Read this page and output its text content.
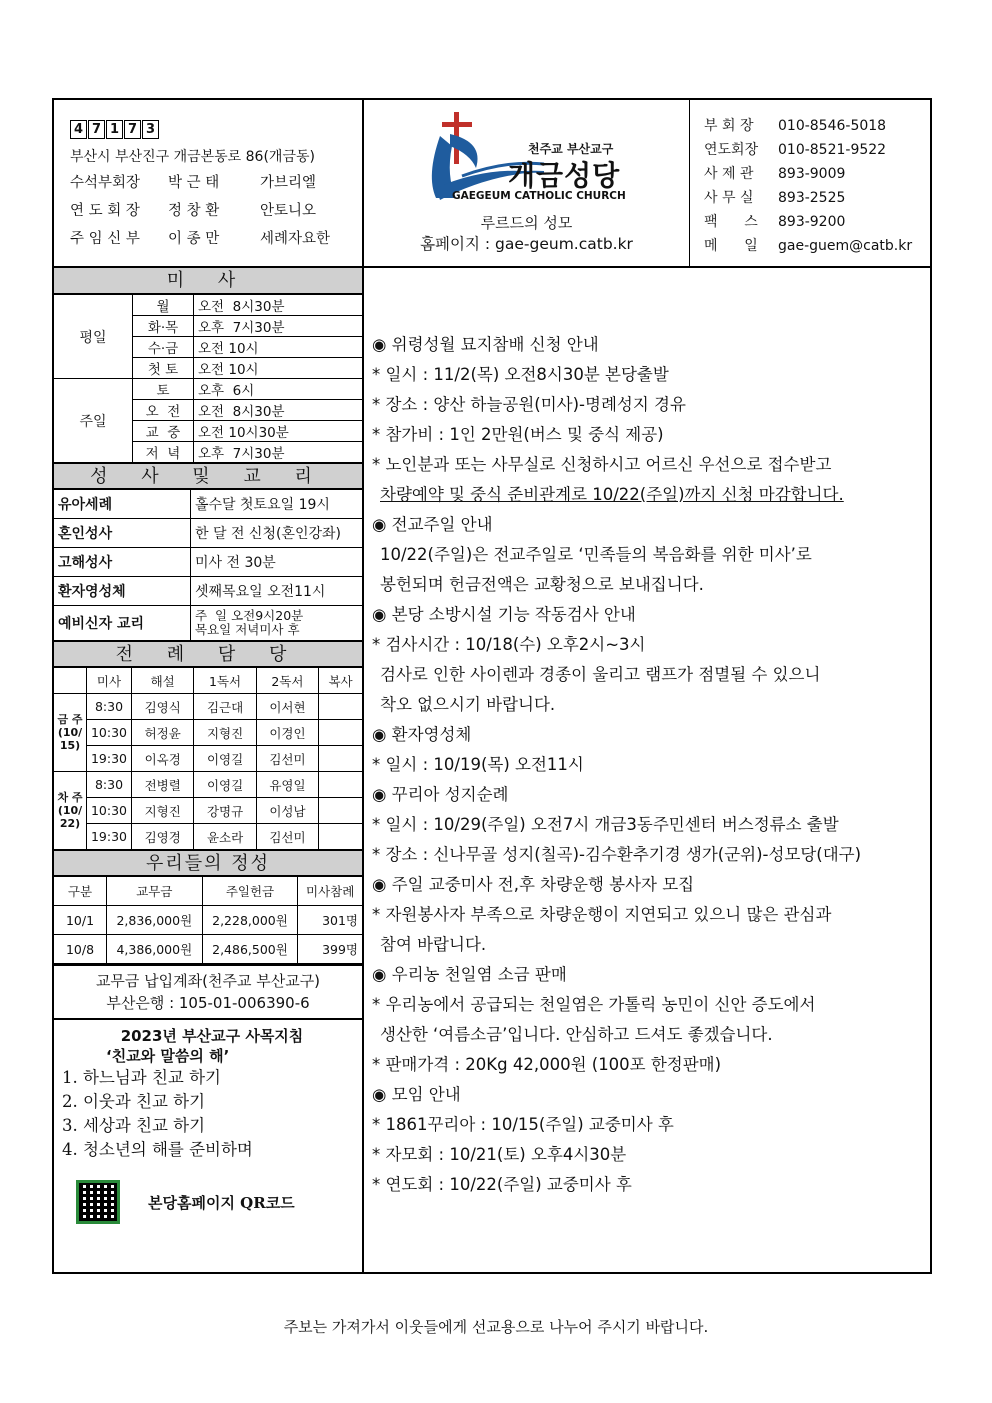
4 7 1 7 3
부산시 부산진구 개금본동로 86(개금동)
수석부회장 박 근 태	가브리엘
연 도 회 장 정 창 환	안토니오
주 임 신 부 이 종 만	세례자요한
천주교 부산교구
개금성당
GAEGEUM CATHOLIC CHURCH
루르드의 성모
홈페이지 : gae-geum.catb.kr
부 회 장 010-8546-5018
연도회장 010-8521-9522
사 제 관 893-9009
사 무 실 893-2525
팩      스 893-9200
메      일 gae-guem@catb.kr
미 사
평일	월	오전  8시30분
	화·목	오후  7시30분
	수·금	오전 10시
	첫 토	오전 10시
주일	토	오후  6시
	오  전	오전  8시30분
	교  중	오전 10시30분
	저  녁	오후  7시30분
성 사 및 교 리
유아세례	홀수달 첫토요일 19시
혼인성사	한 달 전 신청(혼인강좌)
고해성사	미사 전 30분
환자영성체	셋째목요일 오전11시
예비신자 교리	주  일 오전9시20분
목요일 저녁미사 후
전 례 담 당
	미사	해설	1독서	2독서	복사
금 주 (10/ 15)	8:30	김영식	김근대	이서현	
	10:30	허정윤	지형진	이경인	
	19:30	이옥경	이영길	김선미	
차 주 (10/ 22)	8:30	전병렬	이영길	유영일	
	10:30	지형진	강명규	이성남	
	19:30	김영경	윤소라	김선미	
우리들의 정성
구분	교무금	주일헌금	미사참례
10/1	2,836,000원	2,228,000원	301명
10/8	4,386,000원	2,486,500원	399명
교무금 납입계좌(천주교 부산교구)
부산은행 : 105-01-006390-6
2023년 부산교구 사목지침
‘친교와 말씀의 해’
1. 하느님과 친교 하기
2. 이웃과 친교 하기
3. 세상과 친교 하기
4. 청소년의 해를 준비하며
본당홈페이지 QR코드
◉ 위령성월 묘지참배 신청 안내
* 일시 : 11/2(목) 오전8시30분 본당출발
* 장소 : 양산 하늘공원(미사)-명례성지 경유
* 참가비 : 1인 2만원(버스 및 중식 제공)
* 노인분과 또는 사무실로 신청하시고 어르신 우선으로 접수받고
차량예약 및 중식 준비관계로 10/22(주일)까지 신청 마감합니다.
◉ 전교주일 안내
10/22(주일)은 전교주일로 ‘민족들의 복음화를 위한 미사’로
봉헌되며 헌금전액은 교황청으로 보내집니다.
◉ 본당 소방시설 기능 작동검사 안내
* 검사시간 : 10/18(수) 오후2시~3시
검사로 인한 사이렌과 경종이 울리고 램프가 점멸될 수 있으니
착오 없으시기 바랍니다.
◉ 환자영성체
* 일시 : 10/19(목) 오전11시
◉ 꾸리아 성지순례
* 일시 : 10/29(주일) 오전7시 개금3동주민센터 버스정류소 출발
* 장소 : 신나무골 성지(칠곡)-김수환추기경 생가(군위)-성모당(대구)
◉ 주일 교중미사 전,후 차량운행 봉사자 모집
* 자원봉사자 부족으로 차량운행이 지연되고 있으니 많은 관심과
참여 바랍니다.
◉ 우리농 천일염 소금 판매
* 우리농에서 공급되는 천일염은 가톨릭 농민이 신안 증도에서
생산한 ‘여름소금’입니다. 안심하고 드셔도 좋겠습니다.
* 판매가격 : 20Kg 42,000원 (100포 한정판매)
◉ 모임 안내
* 1861꾸리아 : 10/15(주일) 교중미사 후
* 자모회 : 10/21(토) 오후4시30분
* 연도회 : 10/22(주일) 교중미사 후
주보는 가져가서 이웃들에게 선교용으로 나누어 주시기 바랍니다.
